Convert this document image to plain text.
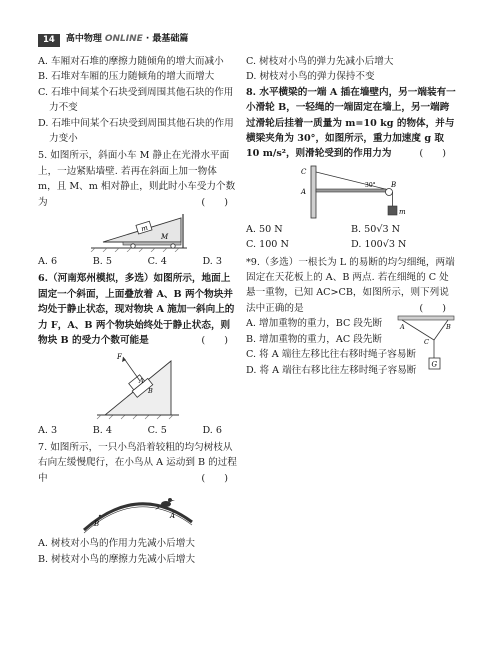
14	高中物理 ONLINE · 最基础篇

A. 车厢对石堆的摩擦力随倾角的增大而减小

B. 石堆对车厢的压力随倾角的增大而增大

C. 石堆中间某个石块受到周围其他石块的作用力不变

D. 石堆中间某个石块受到周围其他石块的作用力变小

5. 如图所示，斜面小车 M 静止在光滑水平面上，一边紧贴墙壁. 若再在斜面上加一物体 m，且 M、m 相对静止，则此时小车受力个数为	(　　)

m
M
A. 6	B. 5	C. 4	D. 3

6.（河南郑州模拟，多选）如图所示，地面上固定一个斜面，上面叠放着 A、B 两个物块并均处于静止状态，现对物块 A 施加一斜向上的力 F，A、B 两个物块始终处于静止状态，则物块 B 的受力个数可能是	(　　)

F
A
B
A. 3	B. 4	C. 5	D. 6

7. 如图所示，一只小鸟沿着较粗的均匀树枝从右向左缓慢爬行，在小鸟从 A 运动到 B 的过程中	(　　)

B
A

A. 树枝对小鸟的作用力先减小后增大

B. 树枝对小鸟的摩擦力先减小后增大

C. 树枝对小鸟的弹力先减小后增大

D. 树枝对小鸟的弹力保持不变

8. 水平横梁的一端 A 插在墙壁内，另一端装有一小滑轮 B，一轻绳的一端固定在墙上，另一端跨过滑轮后挂着一质量为 m=10 kg 的物体，并与横梁夹角为 30°，如图所示，重力加速度 g 取 10 m/s²，则滑轮受到的作用力为	(　　)

C
A
B
m
30°
A. 50 N	B. 50√3 N
C. 100 N	D. 100√3 N

*9.（多选）一根长为 L 的易断的均匀细绳，两端固定在天花板上的 A、B 两点. 若在细绳的 C 处悬一重物，已知 AC>CB，如图所示，则下列说法中正确的是	(　　)

A. 增加重物的重力，BC 段先断

B. 增加重物的重力，AC 段先断

A	B
C
G

C. 将 A 端往左移比往右移时绳子容易断

D. 将 A 端往右移比往左移时绳子容易断
